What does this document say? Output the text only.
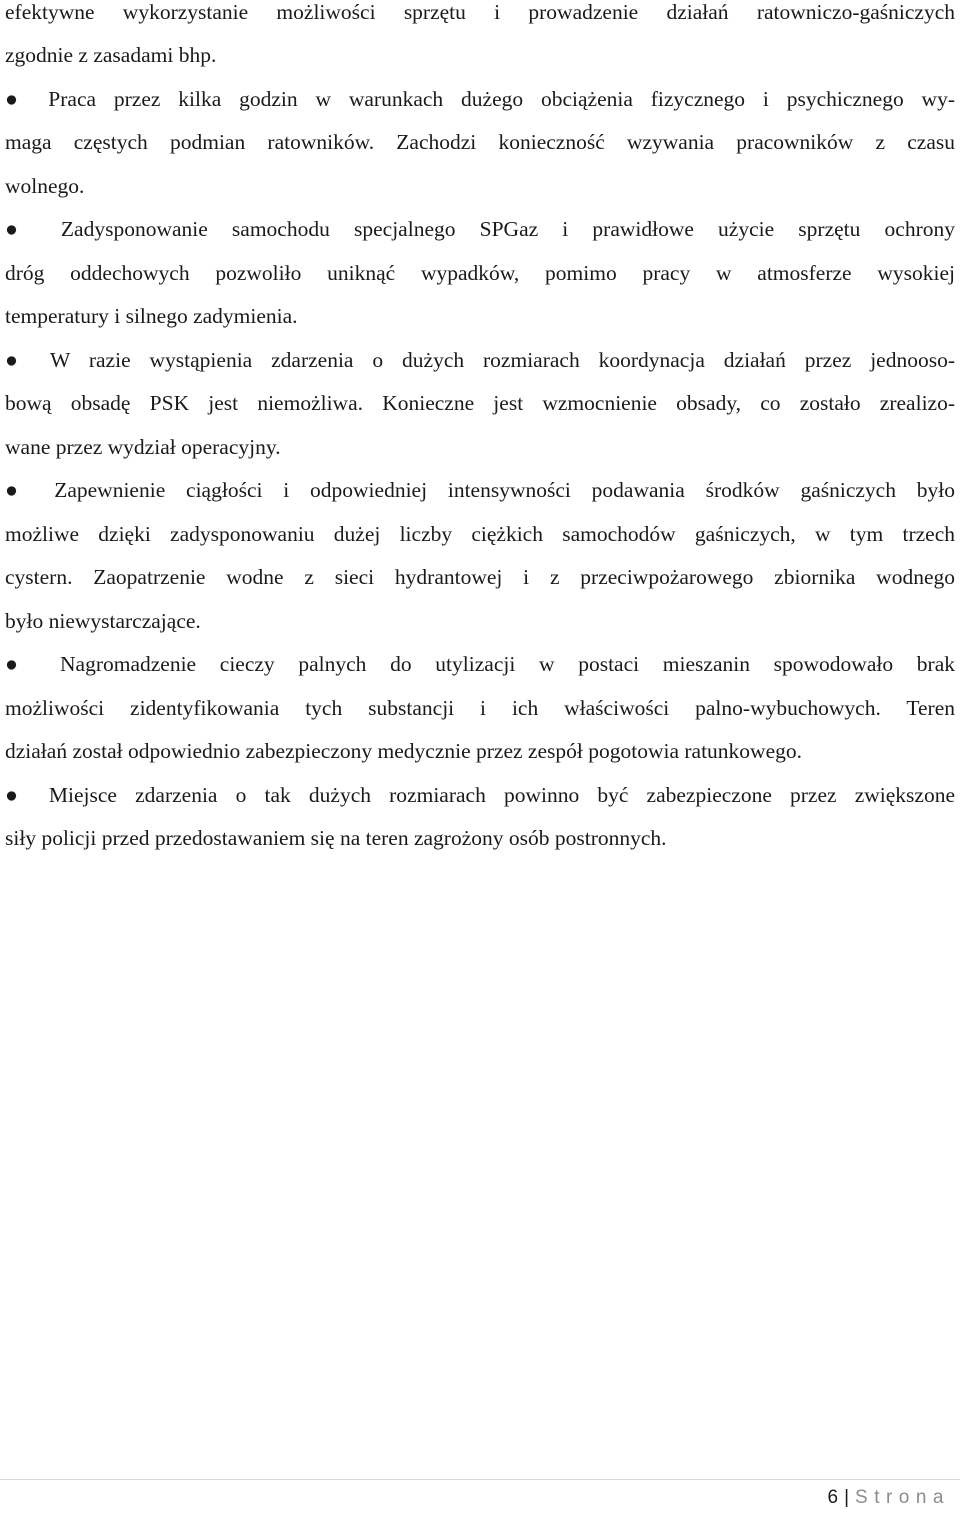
efektywne wykorzystanie możliwości sprzętu i prowadzenie działań ratowniczo-gaśniczych
zgodnie z zasadami bhp.
● Praca przez kilka godzin w warunkach dużego obciążenia fizycznego i psychicznego wy-
maga częstych podmian ratowników. Zachodzi konieczność wzywania pracowników z czasu
wolnego.
● Zadysponowanie samochodu specjalnego SPGaz i prawidłowe użycie sprzętu ochrony
dróg oddechowych pozwoliło uniknąć wypadków, pomimo pracy w atmosferze wysokiej
temperatury i silnego zadymienia.
● W razie wystąpienia zdarzenia o dużych rozmiarach koordynacja działań przez jednooso-
bową obsadę PSK jest niemożliwa. Konieczne jest wzmocnienie obsady, co zostało zrealizo-
wane przez wydział operacyjny.
● Zapewnienie ciągłości i odpowiedniej intensywności podawania środków gaśniczych było
możliwe dzięki zadysponowaniu dużej liczby ciężkich samochodów gaśniczych, w tym trzech
cystern. Zaopatrzenie wodne z sieci hydrantowej i z przeciwpożarowego zbiornika wodnego
było niewystarczające.
● Nagromadzenie cieczy palnych do utylizacji w postaci mieszanin spowodowało brak
możliwości zidentyfikowania tych substancji i ich właściwości palno-wybuchowych. Teren
działań został odpowiednio zabezpieczony medycznie przez zespół pogotowia ratunkowego.
● Miejsce zdarzenia o tak dużych rozmiarach powinno być zabezpieczone przez zwiększone
siły policji przed przedostawaniem się na teren zagrożony osób postronnych.
6 | Strona
